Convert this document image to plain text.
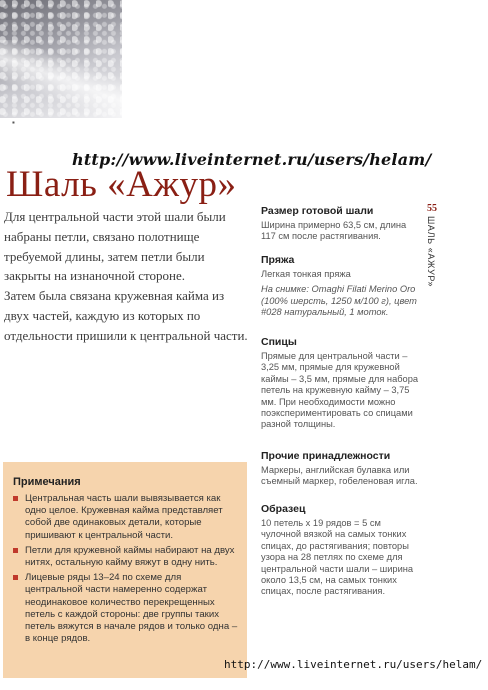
▪
http://www.liveinternet.ru/users/helam/
Шаль «Ажур»

Для центральной части этой шали были набраны петли, связано полотнище требуемой длины, затем петли были закрыты на изнаночной стороне.

Затем была связана кружевная кайма из двух частей, каждую из которых по отдельности пришили к центральной части.

55
ШАЛЬ «АЖУР»
Размер готовой шали

Ширина примерно 63,5 см, длина 117 см после растягивания.

Пряжа

Легкая тонкая пряжа

На снимке: Omaghi Filati Merino Oro (100% шерсть, 1250 м/100 г), цвет #028 натуральный, 1 моток.

Спицы

Прямые для центральной части – 3,25 мм, прямые для кружевной каймы – 3,5 мм, прямые для набора петель на кружевную кайму – 3,75 мм. При необходимости можно поэкспериментировать со спицами разной толщины.

Прочие принадлежности

Маркеры, английская булавка или съемный маркер, гобеленовая игла.

Образец

10 петель х 19 рядов = 5 см чулочной вязкой на самых тонких спицах, до растягивания; повторы узора на 28 петлях по схеме для центральной части шали – ширина около 13,5 см, на самых тонких спицах, после растягивания.

Примечания
Центральная часть шали вывязывается как одно целое. Кружевная кайма представляет собой две одинаковых детали, которые пришивают к центральной части.
Петли для кружевной каймы набирают на двух нитях, остальную кайму вяжут в одну нить.
Лицевые ряды 13–24 по схеме для центральной части намеренно содержат неодинаковое количество перекрещенных петель с каждой стороны: две группы таких петель вяжутся в начале рядов и только одна – в конце рядов.
http://www.liveinternet.ru/users/helam/
